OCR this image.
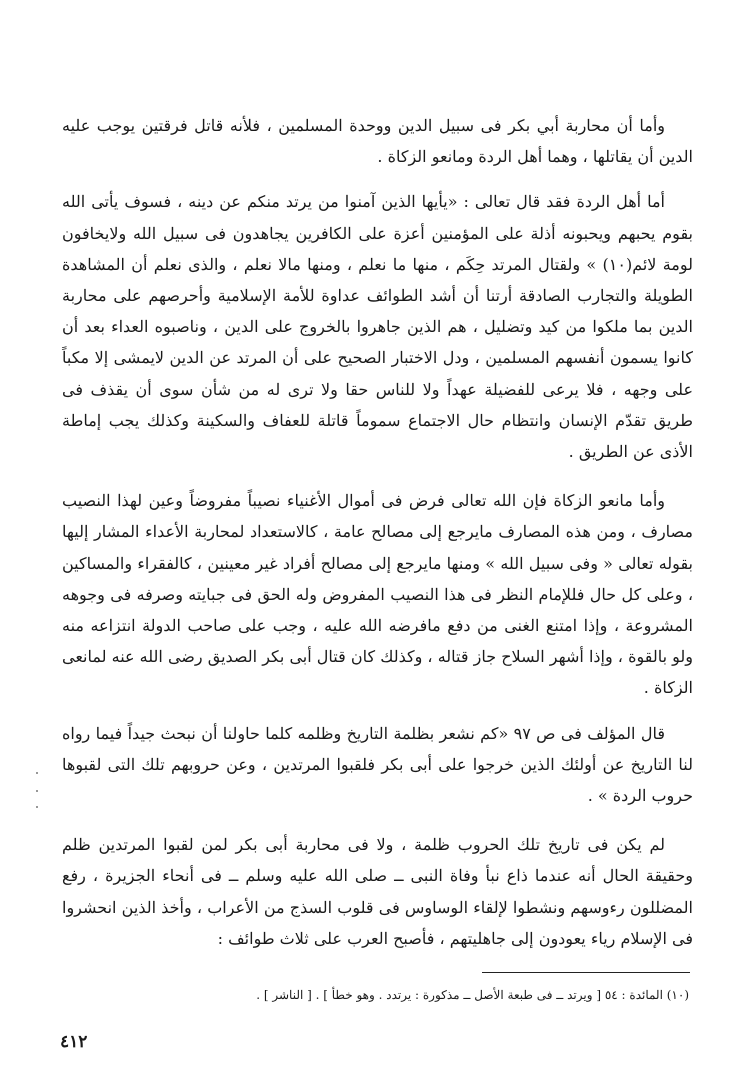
وأما أن محاربة أبي بكر فى سبيل الدين ووحدة المسلمين ، فلأنه قاتل فرقتين يوجب عليه الدين أن يقاتلها ، وهما أهل الردة ومانعو الزكاة .

أما أهل الردة فقد قال تعالى : «يأيها الذين آمنوا من يرتد منكم عن دينه ، فسوف يأتى الله بقوم يحبهم ويحبونه أذلة على المؤمنين أعزة على الكافرين يجاهدون فى سبيل الله ولايخافون لومة لائم(١٠) » ولقتال المرتد حِكَم ، منها ما نعلم ، ومنها مالا نعلم ، والذى نعلم أن المشاهدة الطويلة والتجارب الصادقة أرتنا أن أشد الطوائف عداوة للأمة الإسلامية وأحرصهم على محاربة الدين بما ملكوا من كيد وتضليل ، هم الذين جاهروا بالخروج على الدين ، وناصبوه العداء بعد أن كانوا يسمون أنفسهم المسلمين ، ودل الاختبار الصحيح على أن المرتد عن الدين لايمشى إلا مكباً على وجهه ، فلا يرعى للفضيلة عهداً ولا للناس حقا ولا ترى له من شأن سوى أن يقذف فى طريق تقدّم الإنسان وانتظام حال الاجتماع سموماً قاتلة للعفاف والسكينة وكذلك يجب إماطة الأذى عن الطريق .

وأما مانعو الزكاة فإن الله تعالى فرض فى أموال الأغنياء نصيباً مفروضاً وعين لهذا النصيب مصارف ، ومن هذه المصارف مايرجع إلى مصالح عامة ، كالاستعداد لمحاربة الأعداء المشار إليها بقوله تعالى « وفى سبيل الله » ومنها مايرجع إلى مصالح أفراد غير معينين ، كالفقراء والمساكين ، وعلى كل حال فللإمام النظر فى هذا النصيب المفروض وله الحق فى جبايته وصرفه فى وجوهه المشروعة ، وإذا امتنع الغنى من دفع مافرضه الله عليه ، وجب على صاحب الدولة انتزاعه منه ولو بالقوة ، وإذا أشهر السلاح جاز قتاله ، وكذلك كان قتال أبى بكر الصديق رضى الله عنه لمانعى الزكاة .

قال المؤلف فى ص ٩٧ «كم نشعر بظلمة التاريخ وظلمه كلما حاولنا أن نبحث جيداً فيما رواه لنا التاريخ عن أولئك الذين خرجوا على أبى بكر فلقبوا المرتدين ، وعن حروبهم تلك التى لقبوها حروب الردة » .

لم يكن فى تاريخ تلك الحروب ظلمة ، ولا فى محاربة أبى بكر لمن لقبوا المرتدين ظلم وحقيقة الحال أنه عندما ذاع نبأ وفاة النبى ــ صلى الله عليه وسلم ــ فى أنحاء الجزيرة ، رفع المضللون رءوسهم ونشطوا لإلقاء الوساوس فى قلوب السذج من الأعراب ، وأخذ الذين انحشروا فى الإسلام رياء يعودون إلى جاهليتهم ، فأصبح العرب على ثلاث طوائف :

(١٠) المائدة : ٥٤ [ ويرتد ــ فى طبعة الأصل ــ مذكورة : يرتدد . وهو خطأ ] . [ الناشر ] .
٤١٢
